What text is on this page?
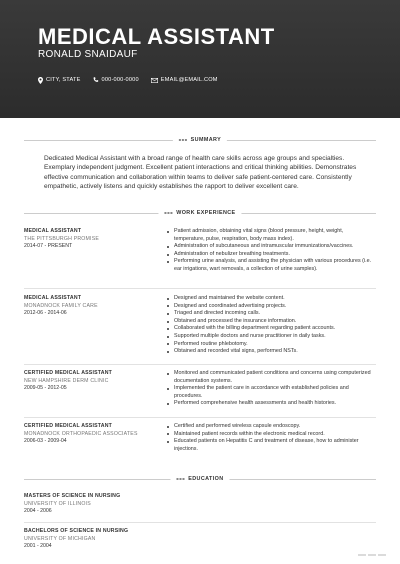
MEDICAL ASSISTANT
RONALD SNAIDAUF
CITY, STATE	000-000-0000	EMAIL@EMAIL.COM
SUMMARY
Dedicated Medical Assistant with a broad range of health care skills across age groups and specialties. Exemplary independent judgment. Excellent patient interactions and critical thinking abilities. Demonstrates effective communication and collaboration within teams to deliver safe patient-centered care. Consistently empathetic, actively listens and quickly establishes the rapport to deliver excellent care.
WORK EXPERIENCE
MEDICAL ASSISTANT
THE PITTSBURGH PROMISE
2014-07 - PRESENT
Patient admission, obtaining vital signs (blood pressure, height, weight, temperature, pulse, respiration, body mass index).
Administration of subcutaneous and intramuscular immunizations/vaccines.
Administration of nebulizer breathing treatments.
Performing urine analysis, and assisting the physician with various procedures (i.e. ear irrigations, wart removals, a collection of urine samples).
MEDICAL ASSISTANT
MONADNOCK FAMILY CARE
2012-06 - 2014-06
Designed and maintained the website content.
Designed and coordinated advertising projects.
Triaged and directed incoming calls.
Obtained and processed the insurance information.
Collaborated with the billing department regarding patient accounts.
Supported multiple doctors and nurse practitioner in daily tasks.
Performed routine phlebotomy.
Obtained and recorded vital signs, performed NSTs.
CERTIFIED MEDICAL ASSISTANT
NEW HAMPSHIRE DERM CLINIC
2009-05 - 2012-05
Monitored and communicated patient conditions and concerns using computerized documentation systems.
Implemented the patient care in accordance with established policies and procedures.
Performed comprehensive health assessments and health histories.
CERTIFIED MEDICAL ASSISTANT
MONADNOCK ORTHOPAEDIC ASSOCIATES
2006-03 - 2009-04
Certified and performed wireless capsule endoscopy.
Maintained patient records within the electronic medical record.
Educated patients on Hepatitis C and treatment of disease, how to administer injections.
EDUCATION
MASTERS OF SCIENCE IN NURSING
UNIVERSITY OF ILLINOIS
2004 - 2006
BACHELORS OF SCIENCE IN NURSING
UNIVERSITY OF MICHIGAN
2001 - 2004
